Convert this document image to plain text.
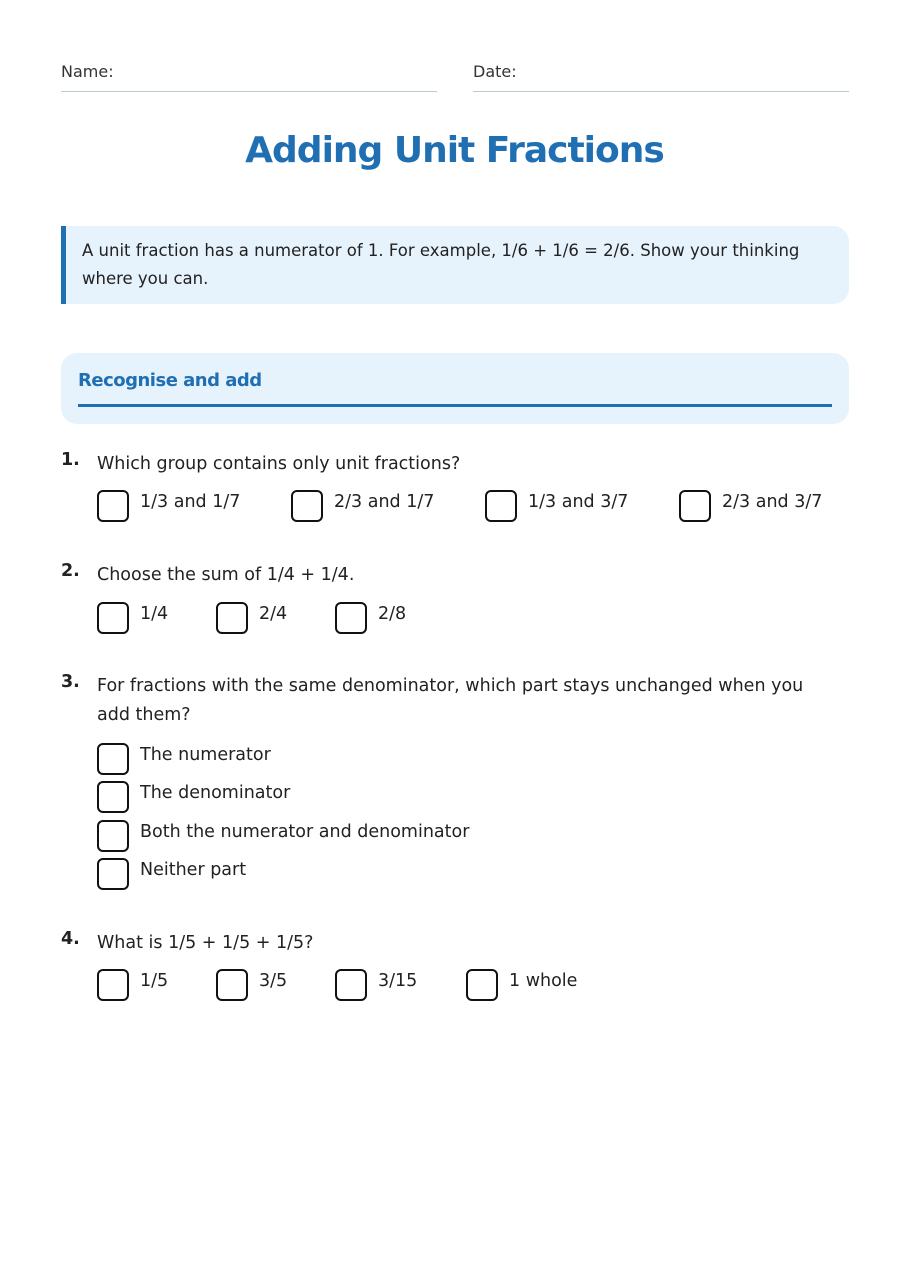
Name:	Date:
Adding Unit Fractions
A unit fraction has a numerator of 1. For example, 1/6 + 1/6 = 2/6. Show your thinking where you can.
Recognise and add
1. Which group contains only unit fractions?
1/3 and 1/7	2/3 and 1/7	1/3 and 3/7	2/3 and 3/7
2. Choose the sum of 1/4 + 1/4.
1/4	2/4	2/8
3. For fractions with the same denominator, which part stays unchanged when you add them?
The numerator
The denominator
Both the numerator and denominator
Neither part
4. What is 1/5 + 1/5 + 1/5?
1/5	3/5	3/15	1 whole
